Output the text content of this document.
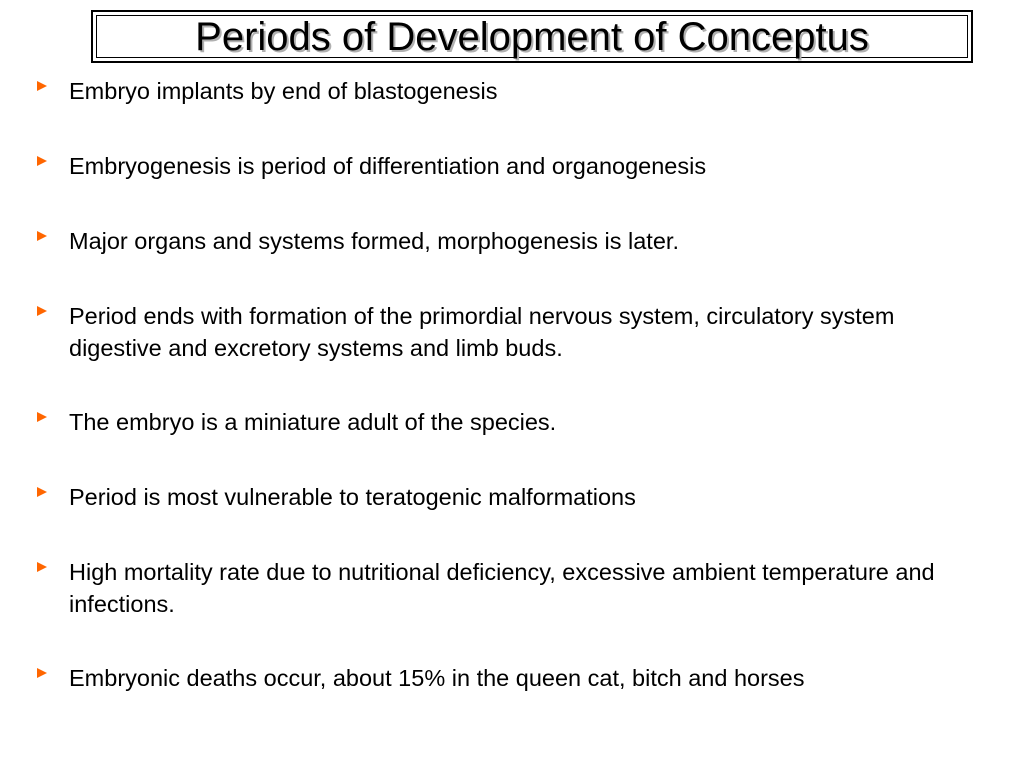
Periods of Development of Conceptus
Embryo implants by end of blastogenesis
Embryogenesis is period of differentiation and organogenesis
Major organs and systems formed, morphogenesis is later.
Period ends with formation of the primordial nervous system, circulatory system digestive and excretory systems and limb buds.
The embryo is a miniature adult of the species.
Period is most vulnerable to teratogenic malformations
High mortality rate due to nutritional deficiency, excessive ambient temperature and infections.
Embryonic deaths occur, about 15% in the queen cat, bitch and horses
